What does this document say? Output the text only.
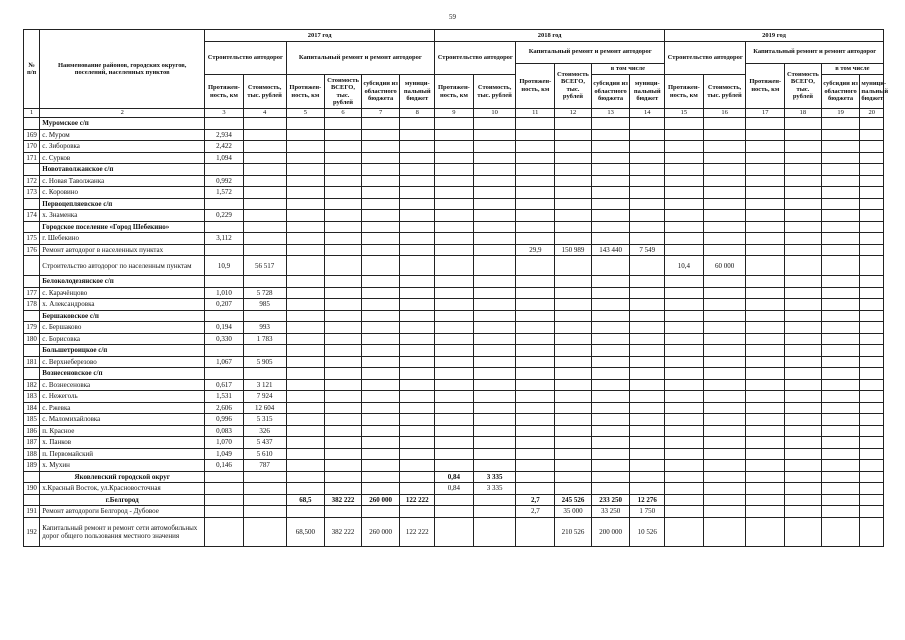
59
№ п/п	Наименование районов, городских округов, поселений, населенных пунктов	2017 год						2018 год						2019 год					
		Строительство автодорог		Капитальный ремонт и ремонт автодорог				Строительство автодорог		Капитальный ремонт и ремонт автодорог				Строительство автодорог		Капитальный ремонт и ремонт автодорог			
										Протяжен-ность, км	Стоимость ВСЕГО, тыс. рублей	в том числе				Протяжен-ность, км	Стоимость ВСЕГО, тыс. рублей	в том числе	
		Протяжен-ность, км	Стоимость, тыс. рублей	Протяжен-ность, км	Стоимость ВСЕГО, тыс. рублей	субсидии из областного бюджета	муници-пальный бюджет	Протяжен-ность, км	Стоимость, тыс. рублей			субсидии из областного бюджета	муници-пальный бюджет	Протяжен-ность, км	Стоимость, тыс. рублей			субсидии из областного бюджета	муници-пальный бюджет
1	2	3	4	5	6	7	8	9	10	11	12	13	14	15	16	17	18	19	20
	Муромское с/п																		
169	с. Муром	2,934																	
170	с. Зиборовка	2,422																	
171	с. Сурков	1,094																	
	Новотаволжанское с/п																		
172	с. Новая Таволжанка	0,992																	
173	с. Коровино	1,572																	
	Первоцепляевское с/п																		
174	х. Знаменка	0,229																	
	Городское поселение «Город Шебекино»																		
175	г. Шебекино	3,112																	
176	Ремонт автодорог в населенных пунктах									29,9	150 989	143 440	7 549						
	Строительство автодорог по населенным пунктам	10,9	56 517											10,4	60 000				
	Белоколодезянское с/п																		
177	с. Карачёнцово	1,010	5 728																
178	х. Александровка	0,207	985																
	Бершаковское с/п																		
179	с. Бершаково	0,194	993																
180	с. Борисовка	0,330	1 783																
	Большетроицкое с/п																		
181	с. Верхнеберезово	1,067	5 905																
	Вознесеновское с/п																		
182	с. Вознесеновка	0,617	3 121																
183	с. Нежеголь	1,531	7 924																
184	с. Ржевка	2,606	12 604																
185	с. Маломихайловка	0,996	5 315																
186	п. Красное	0,083	326																
187	х. Панков	1,070	5 437																
188	п. Первомайский	1,049	5 610																
189	х. Мухин	0,146	787																
	Яковлевский городской округ							0,84	3 335										
190	х.Красный Восток, ул.Красновосточная							0,84	3 335										
	г.Белгород			68,5	382 222	260 000	122 222			2,7	245 526	233 250	12 276						
191	Ремонт автодороги Белгород - Дубовое									2,7	35 000	33 250	1 750						
192	Капитальный ремонт и ремонт сети автомобильных дорог общего пользования местного значения			68,500	382 222	260 000	122 222				210 526	200 000	10 526						
